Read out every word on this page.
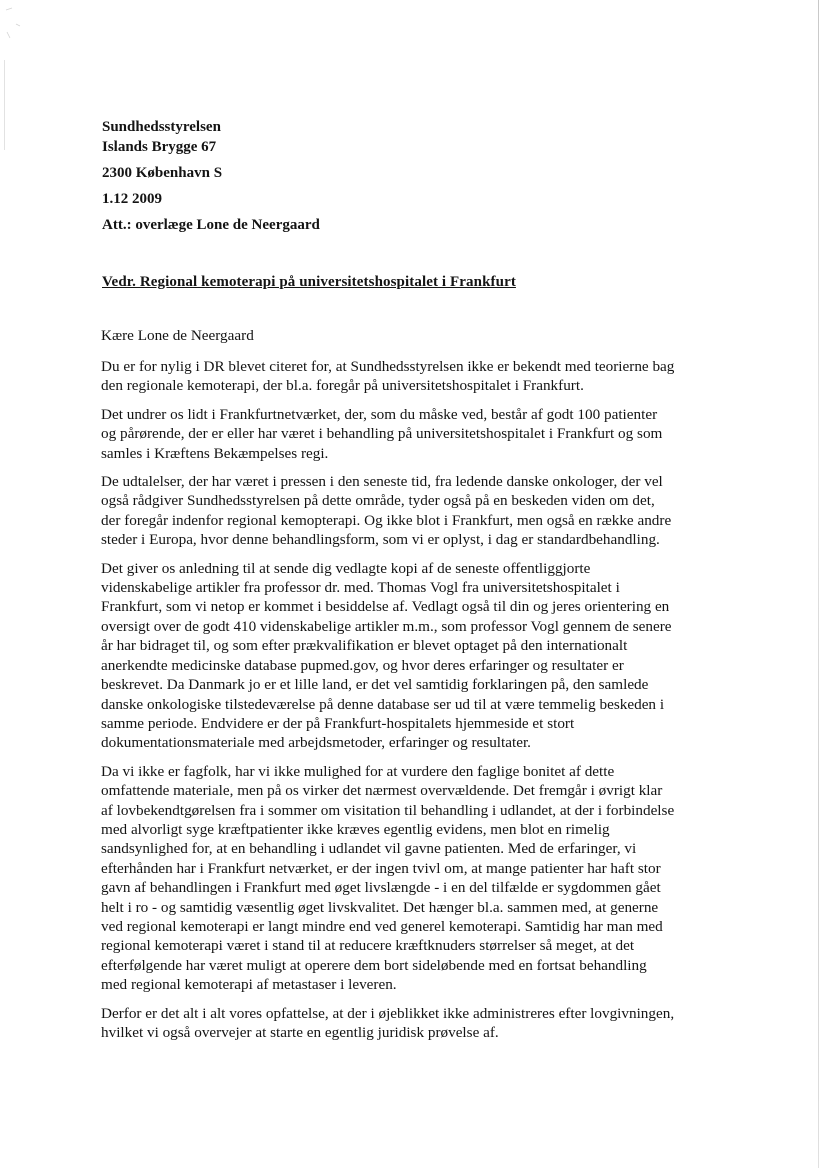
Sundhedsstyrelsen
Islands Brygge 67
2300 København S
1.12 2009
Att.: overlæge Lone de Neergaard
Vedr. Regional kemoterapi på universitetshospitalet i Frankfurt
Kære Lone de Neergaard

Du er for nylig i DR blevet citeret for, at Sundhedsstyrelsen ikke er bekendt med teorierne bag
den regionale kemoterapi, der bl.a. foregår på universitetshospitalet i Frankfurt.

Det undrer os lidt i Frankfurtnetværket, der, som du måske ved, består af godt 100 patienter
og pårørende, der er eller har været i behandling på universitetshospitalet i Frankfurt og som
samles i Kræftens Bekæmpelses regi.

De udtalelser, der har været i pressen i den seneste tid, fra ledende danske onkologer, der vel
også rådgiver Sundhedsstyrelsen på dette område, tyder også på en beskeden viden om det,
der foregår indenfor regional kemopterapi. Og ikke blot i Frankfurt, men også en række andre
steder i Europa, hvor denne behandlingsform, som vi er oplyst, i dag er standardbehandling.

Det giver os anledning til at sende dig vedlagte kopi af de seneste offentliggjorte
videnskabelige artikler fra professor dr. med. Thomas Vogl fra universitetshospitalet i
Frankfurt, som vi netop er kommet i besiddelse af. Vedlagt også til din og jeres orientering en
oversigt over de godt 410 videnskabelige artikler m.m., som professor Vogl gennem de senere
år har bidraget til, og som efter prækvalifikation er blevet optaget på den internationalt
anerkendte medicinske database pupmed.gov, og hvor deres erfaringer og resultater er
beskrevet. Da Danmark jo er et lille land, er det vel samtidig forklaringen på, den samlede
danske onkologiske tilstedeværelse på denne database ser ud til at være temmelig beskeden i
samme periode. Endvidere er der på Frankfurt-hospitalets hjemmeside et stort
dokumentationsmateriale med arbejdsmetoder, erfaringer og resultater.

Da vi ikke er fagfolk, har vi ikke mulighed for at vurdere den faglige bonitet af dette
omfattende materiale, men på os virker det nærmest overvældende. Det fremgår i øvrigt klar
af lovbekendtgørelsen fra i sommer om visitation til behandling i udlandet, at der i forbindelse
med alvorligt syge kræftpatienter ikke kræves egentlig evidens, men blot en rimelig
sandsynlighed for, at en behandling i udlandet vil gavne patienten. Med de erfaringer, vi
efterhånden har i Frankfurt netværket, er der ingen tvivl om, at mange patienter har haft stor
gavn af behandlingen i Frankfurt med øget livslængde - i en del tilfælde er sygdommen gået
helt i ro - og samtidig væsentlig øget livskvalitet. Det hænger bl.a. sammen med, at generne
ved regional kemoterapi er langt mindre end ved generel kemoterapi. Samtidig har man med
regional kemoterapi været i stand til at reducere kræftknuders størrelser så meget, at det
efterfølgende har været muligt at operere dem bort sideløbende med en fortsat behandling
med regional kemoterapi af metastaser i leveren.

Derfor er det alt i alt vores opfattelse, at der i øjeblikket ikke administreres efter lovgivningen,
hvilket vi også overvejer at starte en egentlig juridisk prøvelse af.
